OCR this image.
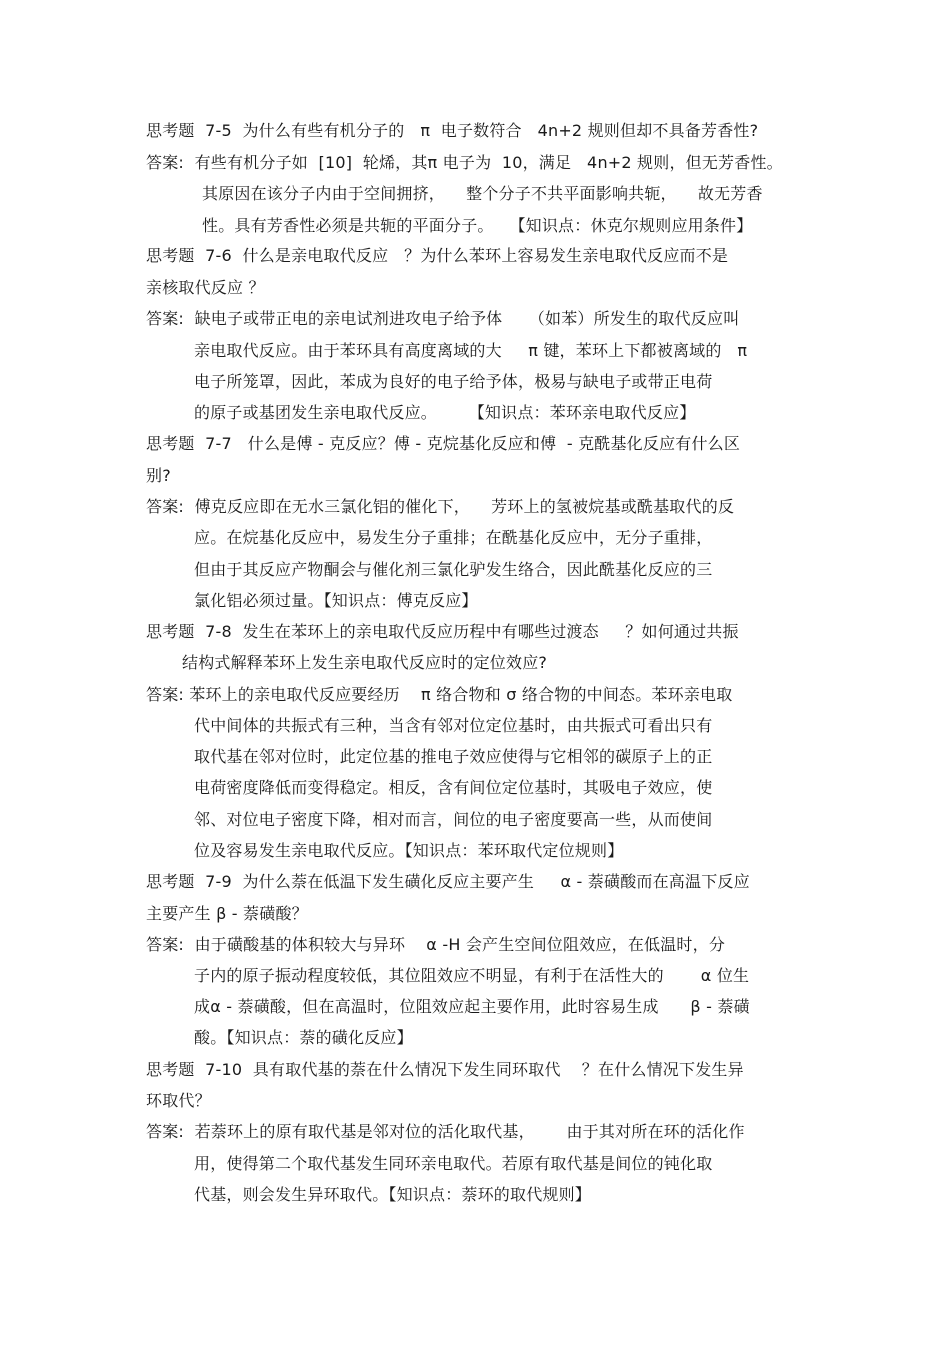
思考题  7-5  为什么有些有机分子的   π  电子数符合   4n+2 规则但却不具备芳香性?
答案:  有些有机分子如  [10]  轮烯，其π 电子为  10，满足   4n+2 规则，但无芳香性。
其原因在该分子内由于空间拥挤，    整个分子不共平面影响共轭，    故无芳香
性。具有芳香性必须是共轭的平面分子。   【知识点：休克尔规则应用条件】
思考题  7-6  什么是亲电取代反应   ？为什么苯环上容易发生亲电取代反应而不是
亲核取代反应 ？
答案:  缺电子或带正电的亲电试剂进攻电子给予体     （如苯）所发生的取代反应叫
亲电取代反应。由于苯环具有高度离域的大     π 键，苯环上下都被离域的   π
电子所笼罩，因此，苯成为良好的电子给予体，极易与缺电子或带正电荷
的原子或基团发生亲电取代反应。      【知识点：苯环亲电取代反应】
思考题  7-7   什么是傅 - 克反应？傅 - 克烷基化反应和傅  - 克酰基化反应有什么区
别?
答案:  傅克反应即在无水三氯化铝的催化下，    芳环上的氢被烷基或酰基取代的反
应。在烷基化反应中，易发生分子重排；在酰基化反应中，无分子重排，
但由于其反应产物酮会与催化剂三氯化驴发生络合，因此酰基化反应的三
氯化铝必须过量。【知识点：傅克反应】
思考题  7-8  发生在苯环上的亲电取代反应历程中有哪些过渡态     ？如何通过共振
结构式解释苯环上发生亲电取代反应时的定位效应?
答案: 苯环上的亲电取代反应要经历    π 络合物和 σ 络合物的中间态。苯环亲电取
代中间体的共振式有三种，当含有邻对位定位基时，由共振式可看出只有
取代基在邻对位时，此定位基的推电子效应使得与它相邻的碳原子上的正
电荷密度降低而变得稳定。相反，含有间位定位基时，其吸电子效应，使
邻、对位电子密度下降，相对而言，间位的电子密度要高一些，从而使间
位及容易发生亲电取代反应。【知识点：苯环取代定位规则】
思考题  7-9  为什么萘在低温下发生磺化反应主要产生     α - 萘磺酸而在高温下反应
主要产生 β - 萘磺酸？
答案:  由于磺酸基的体积较大与异环    α -H 会产生空间位阻效应，在低温时，分
子内的原子振动程度较低，其位阻效应不明显，有利于在活性大的       α 位生
成α - 萘磺酸，但在高温时，位阻效应起主要作用，此时容易生成      β - 萘磺
酸。【知识点：萘的磺化反应】
思考题  7-10  具有取代基的萘在什么情况下发生同环取代    ？在什么情况下发生异
环取代？
答案:  若萘环上的原有取代基是邻对位的活化取代基，      由于其对所在环的活化作
用，使得第二个取代基发生同环亲电取代。若原有取代基是间位的钝化取
代基，则会发生异环取代。【知识点：萘环的取代规则】
